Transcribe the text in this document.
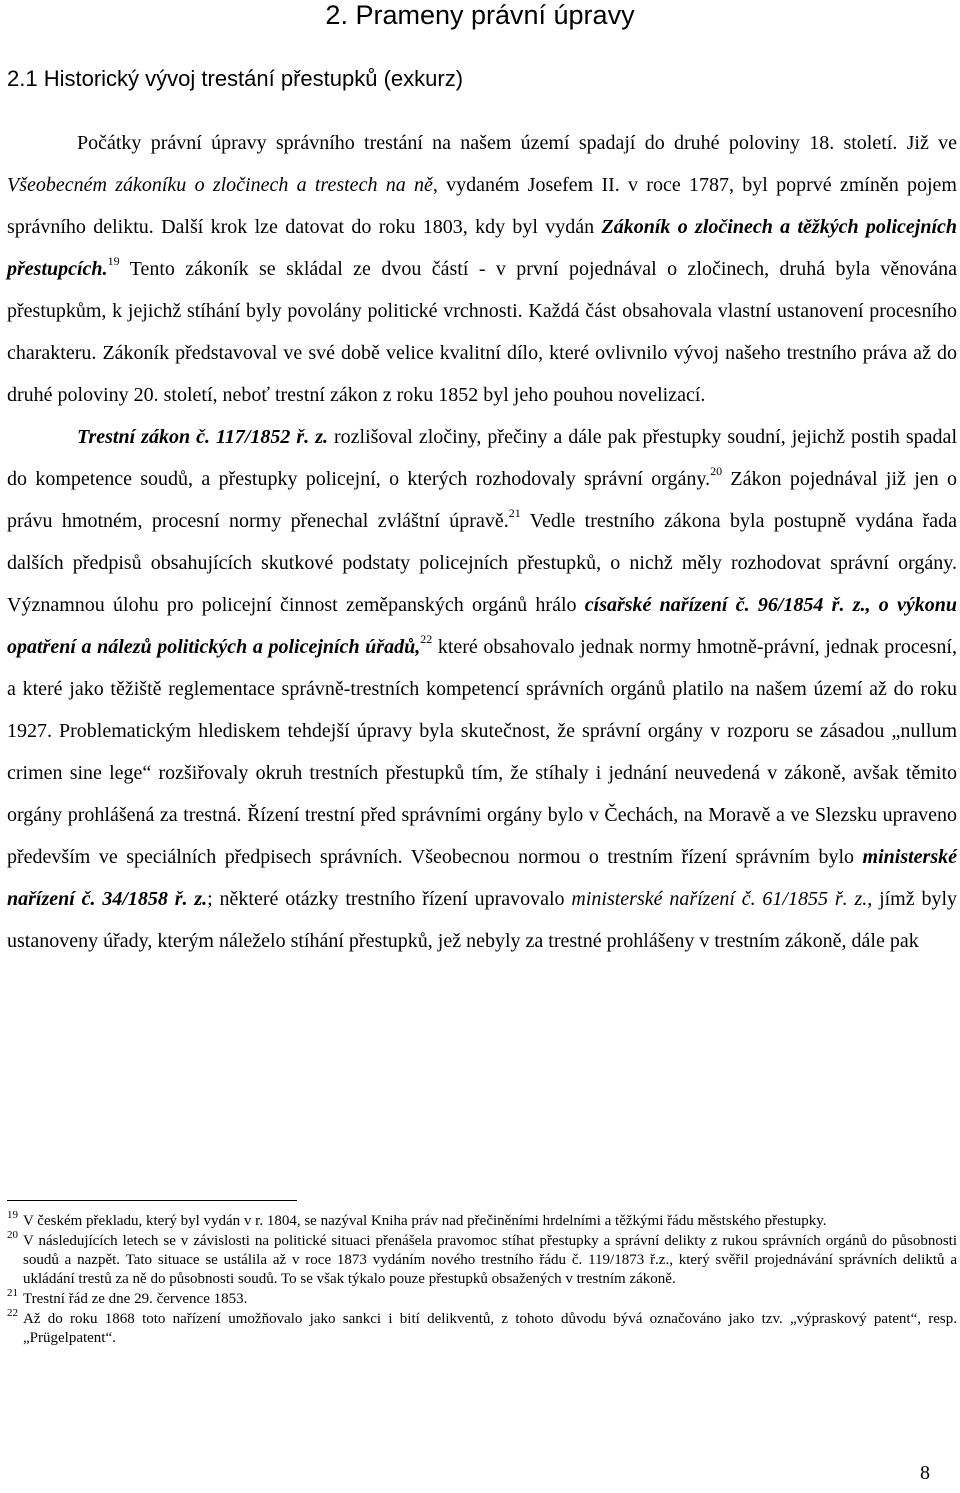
2. Prameny právní úpravy
2.1 Historický vývoj trestání přestupků (exkurz)

Počátky právní úpravy správního trestání na našem území spadají do druhé poloviny 18. století. Již ve Všeobecném zákoníku o zločinech a trestech na ně, vydaném Josefem II. v roce 1787, byl poprvé zmíněn pojem správního deliktu. Další krok lze datovat do roku 1803, kdy byl vydán Zákoník o zločinech a těžkých policejních přestupcích.$^{19}$ Tento zákoník se skládal ze dvou částí - v první pojednával o zločinech, druhá byla věnována přestupkům, k jejichž stíhání byly povolány politické vrchnosti. Každá část obsahovala vlastní ustanovení procesního charakteru. Zákoník představoval ve své době velice kvalitní dílo, které ovlivnilo vývoj našeho trestního práva až do druhé poloviny 20. století, neboť trestní zákon z roku 1852 byl jeho pouhou novelizací.

Trestní zákon č. 117/1852 ř. z. rozlišoval zločiny, přečiny a dále pak přestupky soudní, jejichž postih spadal do kompetence soudů, a přestupky policejní, o kterých rozhodovaly správní orgány.$^{20}$ Zákon pojednával již jen o právu hmotném, procesní normy přenechal zvláštní úpravě.$^{21}$ Vedle trestního zákona byla postupně vydána řada dalších předpisů obsahujících skutkové podstaty policejních přestupků, o nichž měly rozhodovat správní orgány. Významnou úlohu pro policejní činnost zeměpanských orgánů hrálo císařské nařízení č. 96/1854 ř. z., o výkonu opatření a nálezů politických a policejních úřadů,$^{22}$ které obsahovalo jednak normy hmotně-právní, jednak procesní, a které jako těžiště reglementace správně-trestních kompetencí správních orgánů platilo na našem území až do roku 1927. Problematickým hlediskem tehdejší úpravy byla skutečnost, že správní orgány v rozporu se zásadou „nullum crimen sine lege“ rozšiřovaly okruh trestních přestupků tím, že stíhaly i jednání neuvedená v zákoně, avšak těmito orgány prohlášená za trestná. Řízení trestní před správními orgány bylo v Čechách, na Moravě a ve Slezsku upraveno především ve speciálních předpisech správních. Všeobecnou normou o trestním řízení správním bylo ministerské nařízení č. 34/1858 ř. z.; některé otázky trestního řízení upravovalo ministerské nařízení č. 61/1855 ř. z., jímž byly ustanoveny úřady, kterým náleželo stíhání přestupků, jež nebyly za trestné prohlášeny v trestním zákoně, dále pak

19 V českém překladu, který byl vydán v r. 1804, se nazýval Kniha práv nad přečiněními hrdelními a těžkými řádu městského přestupky.
20 V následujících letech se v závislosti na politické situaci přenášela pravomoc stíhat přestupky a správní delikty z rukou správních orgánů do působnosti soudů a nazpět. Tato situace se ustálila až v roce 1873 vydáním nového trestního řádu č. 119/1873 ř.z., který svěřil projednávání správních deliktů a ukládání trestů za ně do působnosti soudů. To se však týkalo pouze přestupků obsažených v trestním zákoně.
21 Trestní řád ze dne 29. července 1853.
22 Až do roku 1868 toto nařízení umožňovalo jako sankci i bití delikventů, z tohoto důvodu bývá označováno jako tzv. „výpraskový patent“, resp. „Prügelpatent“.
8
